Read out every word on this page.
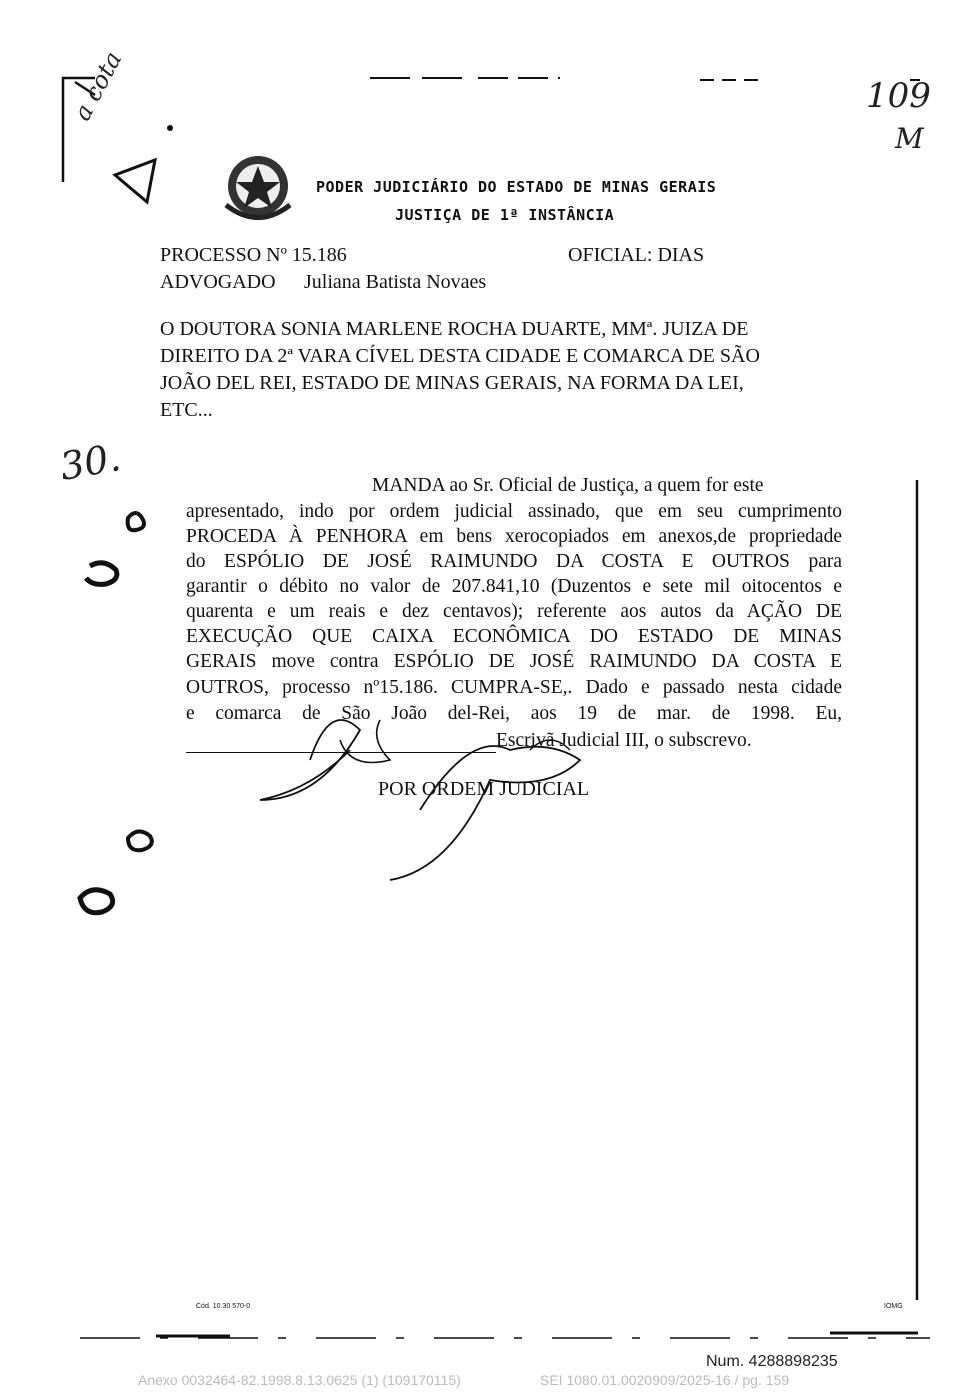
a cota	109
M
30.
PODER JUDICIÁRIO DO ESTADO DE MINAS GERAIS
JUSTIÇA DE 1ª INSTÂNCIA
PROCESSO Nº 15.186	OFICIAL: DIAS
ADVOGADO Juliana Batista Novaes
O DOUTORA SONIA MARLENE ROCHA DUARTE, MMª. JUIZA DE
DIREITO DA 2ª VARA CÍVEL DESTA CIDADE E COMARCA DE SÃO
JOÃO DEL REI, ESTADO DE MINAS GERAIS, NA FORMA DA LEI,
ETC...
MANDA ao Sr. Oficial de Justiça, a quem for este
apresentado, indo por ordem judicial assinado, que em seu cumprimento
PROCEDA À PENHORA em bens xerocopiados em anexos,de propriedade
do ESPÓLIO DE JOSÉ RAIMUNDO DA COSTA E OUTROS para
garantir o débito no valor de 207.841,10 (Duzentos e sete mil oitocentos e
quarenta e um reais e dez centavos); referente aos autos da AÇÃO DE
EXECUÇÃO QUE CAIXA ECONÔMICA DO ESTADO DE MINAS
GERAIS move contra ESPÓLIO DE JOSÉ RAIMUNDO DA COSTA E
OUTROS, processo nº15.186. CUMPRA-SE,. Dado e passado nesta cidade
e comarca de São João del-Rei, aos 19 de mar. de 1998. Eu,
Escrivã Judicial III, o subscrevo.
POR ORDEM JUDICIAL
Cód. 10.30 570-0	IOMG
Num. 4288898235
Anexo 0032464-82.1998.8.13.0625 (1) (109170115)	SEI 1080.01.0020909/2025-16 / pg. 159
